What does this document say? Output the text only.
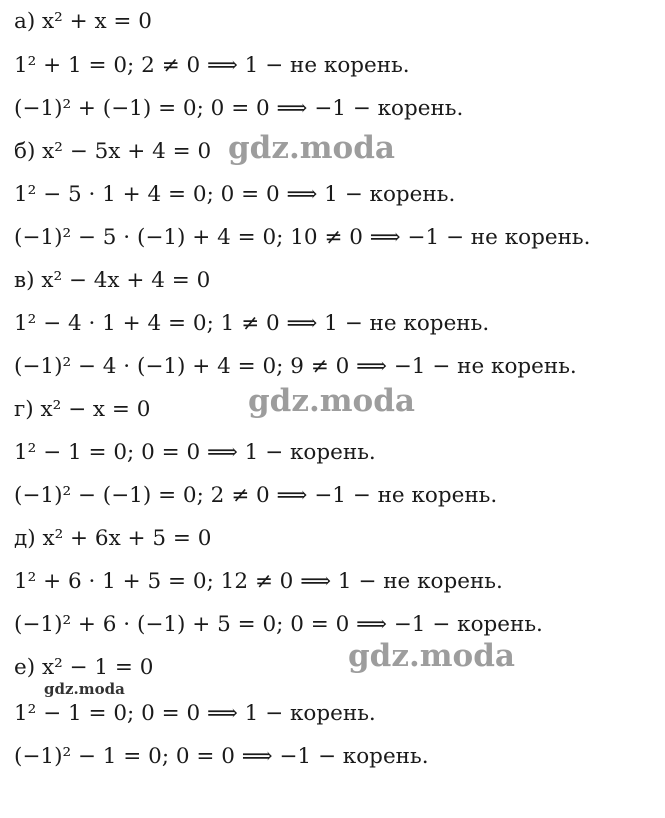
а) x² + x = 0
1² + 1 = 0; 2 ≠ 0 ⟹ 1 − не корень.
(−1)² + (−1) = 0; 0 = 0 ⟹ −1 − корень.
б) x² − 5x + 4 = 0
1² − 5 · 1 + 4 = 0; 0 = 0 ⟹ 1 − корень.
(−1)² − 5 · (−1) + 4 = 0; 10 ≠ 0 ⟹ −1 − не корень.
в) x² − 4x + 4 = 0
1² − 4 · 1 + 4 = 0; 1 ≠ 0 ⟹ 1 − не корень.
(−1)² − 4 · (−1) + 4 = 0; 9 ≠ 0 ⟹ −1 − не корень.
г) x² − x = 0
1² − 1 = 0; 0 = 0 ⟹ 1 − корень.
(−1)² − (−1) = 0; 2 ≠ 0 ⟹ −1 − не корень.
д) x² + 6x + 5 = 0
1² + 6 · 1 + 5 = 0; 12 ≠ 0 ⟹ 1 − не корень.
(−1)² + 6 · (−1) + 5 = 0; 0 = 0 ⟹ −1 − корень.
е) x² − 1 = 0
1² − 1 = 0; 0 = 0 ⟹ 1 − корень.
(−1)² − 1 = 0; 0 = 0 ⟹ −1 − корень.
gdz.moda
gdz.moda
gdz.moda
gdz.moda
